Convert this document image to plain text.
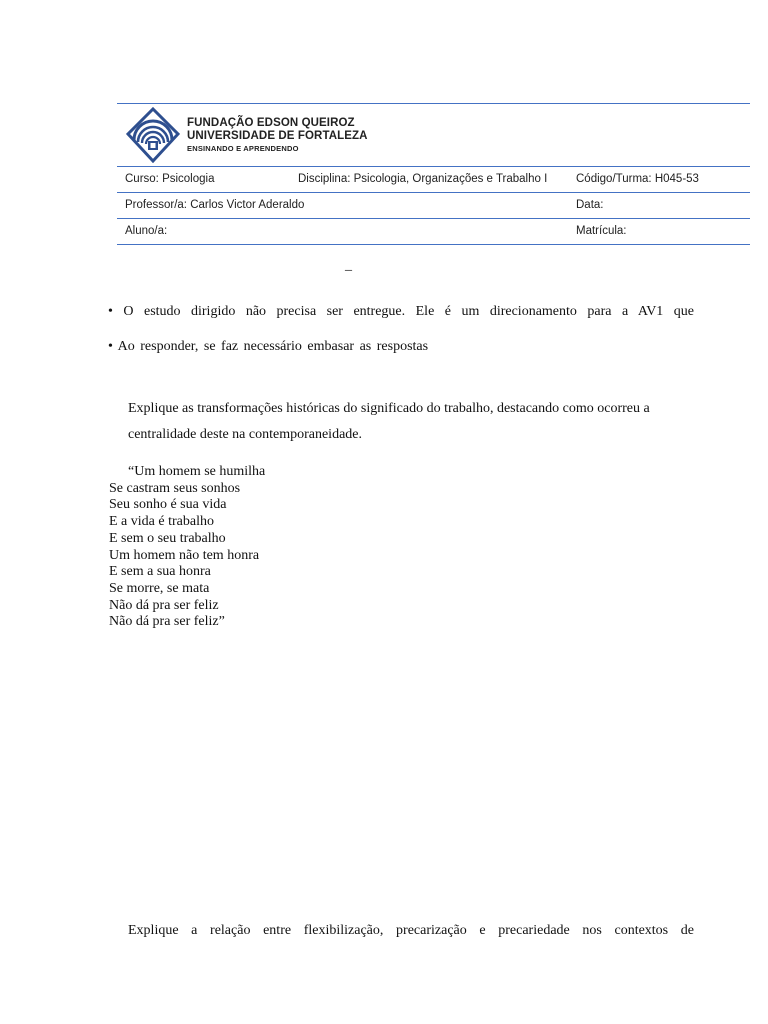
FUNDAÇÃO EDSON QUEIROZ
UNIVERSIDADE DE FORTALEZA
ENSINANDO E APRENDENDO
Curso: Psicologia	Disciplina: Psicologia, Organizações e Trabalho I Código/Turma: H045-53
Professor/a: Carlos Victor Aderaldo	Data:
Aluno/a:	Matrícula:
_
• O estudo dirigido não precisa ser entregue. Ele é um direcionamento para a AV1 que
• Ao responder, se faz necessário embasar as respostas
Explique as transformações históricas do significado do trabalho, destacando como ocorreu a centralidade deste na contemporaneidade.
“Um homem se humilha
Se castram seus sonhos
Seu sonho é sua vida
E a vida é trabalho
E sem o seu trabalho
Um homem não tem honra
E sem a sua honra
Se morre, se mata
Não dá pra ser feliz
Não dá pra ser feliz”
Explique a relação entre flexibilização, precarização e precariedade nos contextos de
